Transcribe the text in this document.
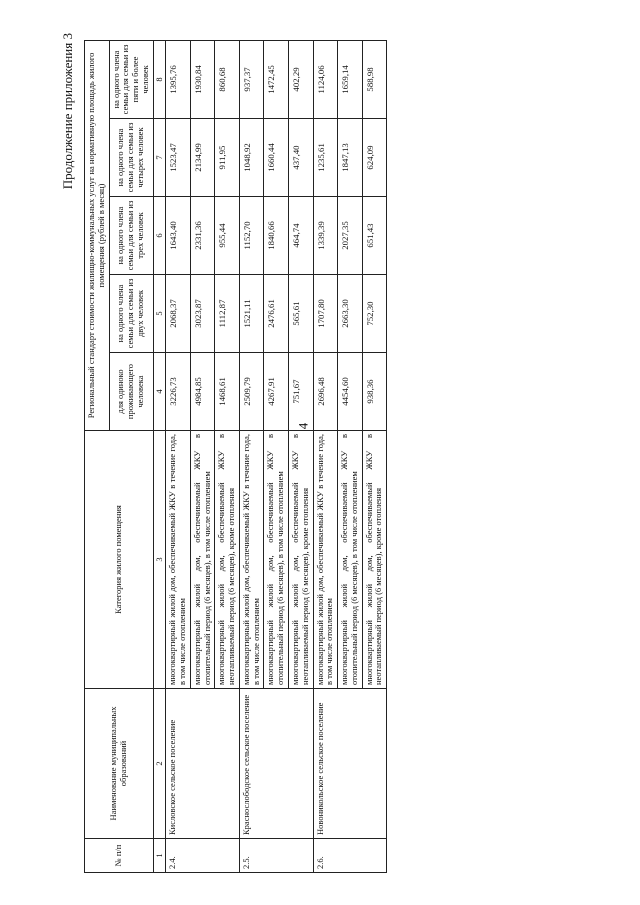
4
Продолжение приложения 3
№ п/п	Наименование муниципальных образований	Категория жилого помещения	Региональный стандарт стоимости жилищно-коммунальных услуг на нормативную площадь жилого помещения (рублей в месяц)				
			для одиноко проживающего человека	на одного члена семьи для семьи из двух человек	на одного члена семьи для семьи из трех человек	на одного члена семьи для семьи из четырех человек	на одного члена семьи для семьи из пяти и более человек
1	2	3	4	5	6	7	8
2.4.	Кисловское сельское поселение	многоквартирный жилой дом, обеспечиваемый ЖКУ в течение года, в том числе отоплением	3226,73	2068,37	1643,40	1523,47	1395,76
		многоквартирный жилой дом, обеспечиваемый ЖКУ в отопительный период (6 месяцев), в том числе отоплением	4984,85	3023,87	2331,36	2134,99	1930,84
		многоквартирный жилой дом, обеспечиваемый ЖКУ в неотапливаемый период (6 месяцев), кроме отопления	1468,61	1112,87	955,44	911,95	860,68
2.5.	Краснослободское сельское поселение	многоквартирный жилой дом, обеспечиваемый ЖКУ в течение года, в том числе отоплением	2509,79	1521,11	1152,70	1048,92	937,37
		многоквартирный жилой дом, обеспечиваемый ЖКУ в отопительный период (6 месяцев), в том числе отоплением	4267,91	2476,61	1840,66	1660,44	1472,45
		многоквартирный жилой дом, обеспечиваемый ЖКУ в неотапливаемый период (6 месяцев), кроме отопления	751,67	565,61	464,74	437,40	402,29
2.6.	Новоникольское сельское поселение	многоквартирный жилой дом, обеспечиваемый ЖКУ в течение года, в том числе отоплением	2696,48	1707,80	1339,39	1235,61	1124,06
		многоквартирный жилой дом, обеспечиваемый ЖКУ в отопительный период (6 месяцев), в том числе отоплением	4454,60	2663,30	2027,35	1847,13	1659,14
		многоквартирный жилой дом, обеспечиваемый ЖКУ в неотапливаемый период (6 месяцев), кроме отопления	938,36	752,30	651,43	624,09	588,98
